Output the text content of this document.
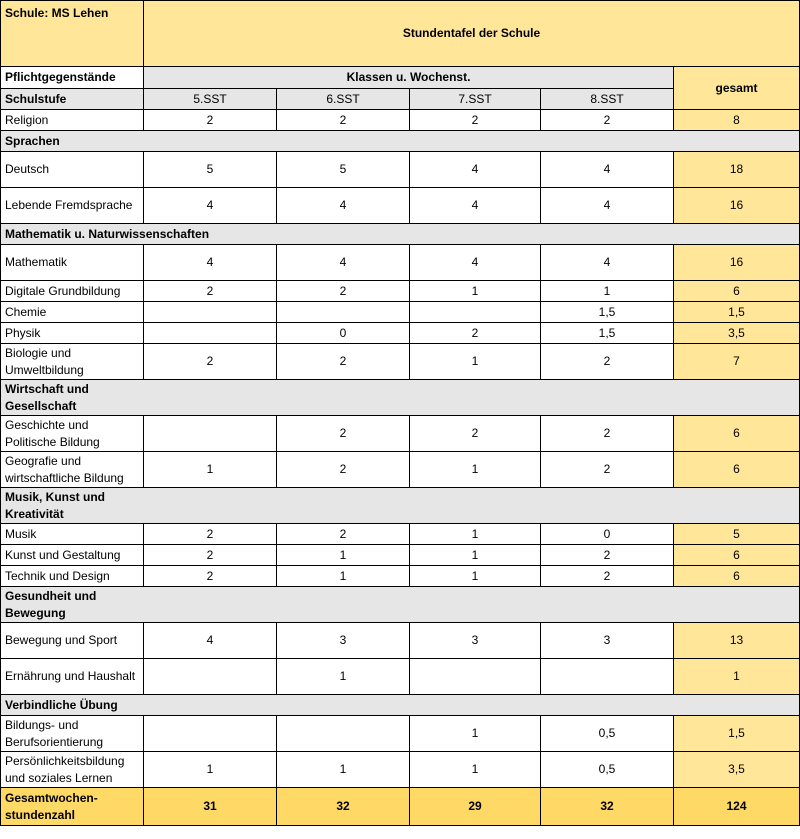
Schule: MS Lehen	Stundentafel der Schule				
Pflichtgegenstände	Klassen u. Wochenst.				gesamt
Schulstufe	5.SST	6.SST	7.SST	8.SST	
Religion	2	2	2	2	8
Sprachen					
Deutsch	5	5	4	4	18
Lebende Fremdsprache	4	4	4	4	16
Mathematik u. Naturwissenschaften					
Mathematik	4	4	4	4	16
Digitale Grundbildung	2	2	1	1	6
Chemie				1,5	1,5
Physik		0	2	1,5	3,5
Biologie und Umweltbildung	2	2	1	2	7

Wirtschaft und Gesellschaft					

Geschichte und Politische Bildung		2	2	2	6
Geografie und wirtschaftliche Bildung	1	2	1	2	6

Musik, Kunst und Kreativität					

Musik	2	2	1	0	5
Kunst und Gestaltung	2	1	1	2	6
Technik und Design	2	1	1	2	6

Gesundheit und Bewegung					

Bewegung und Sport	4	3	3	3	13
Ernährung und Haushalt		1			1
Verbindliche Übung					
Bildungs- und Berufsorientierung			1	0,5	1,5
Persönlichkeitsbildung und soziales Lernen	1	1	1	0,5	3,5
Gesamtwochen-stundenzahl	31	32	29	32	124
